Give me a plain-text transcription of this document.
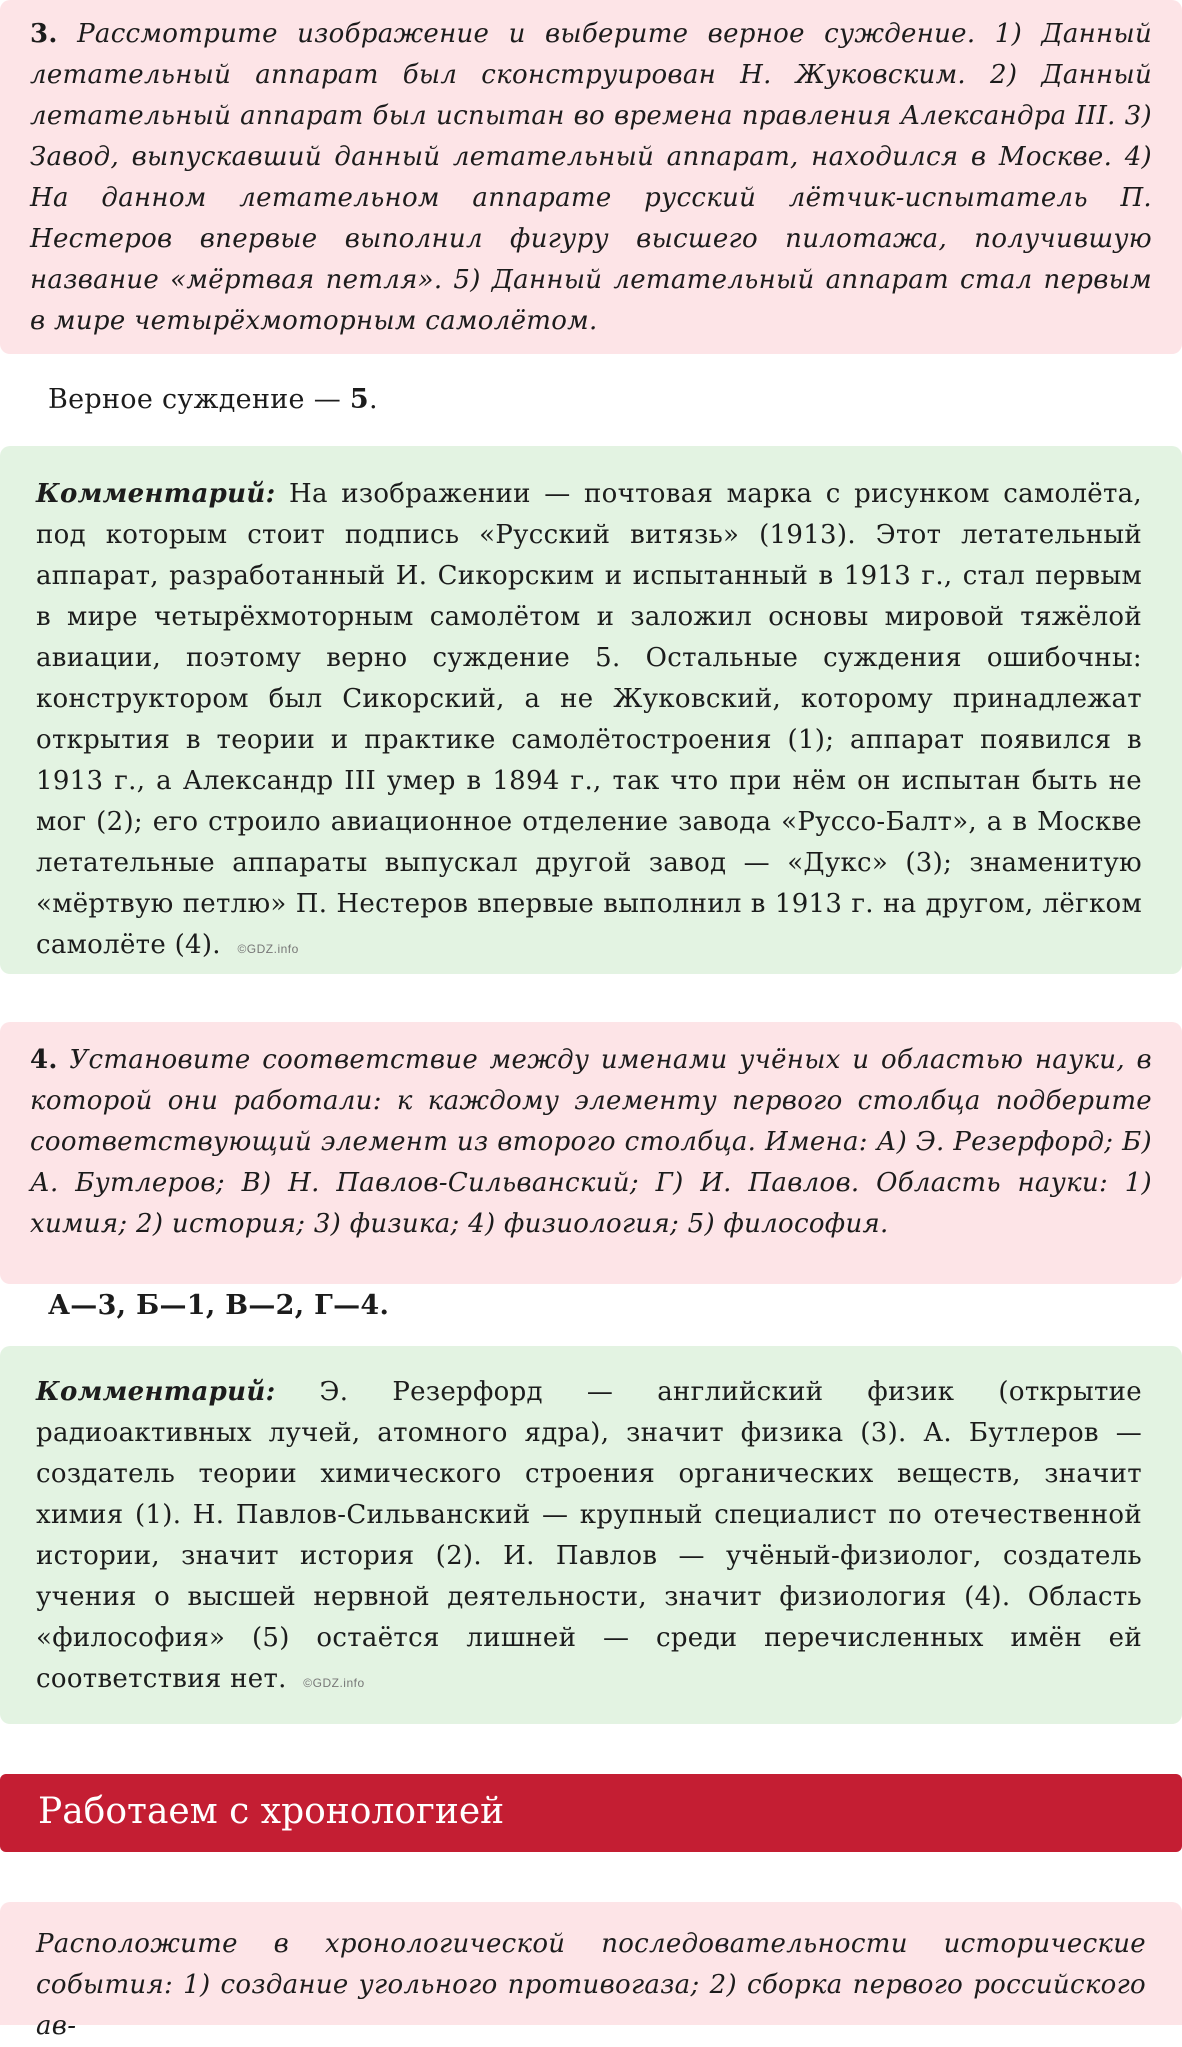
3. Рассмотрите изображение и выберите верное суждение. 1) Данный летательный аппарат был сконструирован Н. Жуковским. 2) Данный летательный аппарат был испытан во времена правления Александра III. 3) Завод, выпускавший данный летательный аппарат, находился в Москве. 4) На данном летательном аппарате русский лётчик-испытатель П. Нестеров впервые выполнил фигуру высшего пилотажа, получившую название «мёртвая петля». 5) Данный летательный аппарат стал первым в мире четырёхмоторным самолётом.

Верное суждение — 5.

Комментарий: На изображении — почтовая марка с рисунком самолёта, под которым стоит подпись «Русский витязь» (1913). Этот летательный аппарат, разработанный И. Сикорским и испытанный в 1913 г., стал первым в мире четырёхмоторным самолётом и заложил основы мировой тяжёлой авиации, поэтому верно суждение 5. Остальные суждения ошибочны: конструктором был Сикорский, а не Жуковский, которому принадлежат открытия в теории и практике самолётостроения (1); аппарат появился в 1913 г., а Александр III умер в 1894 г., так что при нём он испытан быть не мог (2); его строило авиационное отделение завода «Руссо-Балт», а в Москве летательные аппараты выпускал другой завод — «Дукс» (3); знаменитую «мёртвую петлю» П. Нестеров впервые выполнил в 1913 г. на другом, лёгком самолёте (4). ©GDZ.info

4. Установите соответствие между именами учёных и областью науки, в которой они работали: к каждому элементу первого столбца подберите соответствующий элемент из второго столбца. Имена: А) Э. Резерфорд; Б) А. Бутлеров; В) Н. Павлов-Сильванский; Г) И. Павлов. Область науки: 1) химия; 2) история; 3) физика; 4) физиология; 5) философия.

А—3, Б—1, В—2, Г—4.

Комментарий: Э. Резерфорд — английский физик (открытие радиоактивных лучей, атомного ядра), значит физика (3). А. Бутлеров — создатель теории химического строения органических веществ, значит химия (1). Н. Павлов-Сильванский — крупный специалист по отечественной истории, значит история (2). И. Павлов — учёный-физиолог, создатель учения о высшей нервной деятельности, значит физиология (4). Область «философия» (5) остаётся лишней — среди перечисленных имён ей соответствия нет. ©GDZ.info

Работаем с хронологией

Расположите в хронологической последовательности исторические события: 1) создание угольного противогаза; 2) сборка первого российского ав-
